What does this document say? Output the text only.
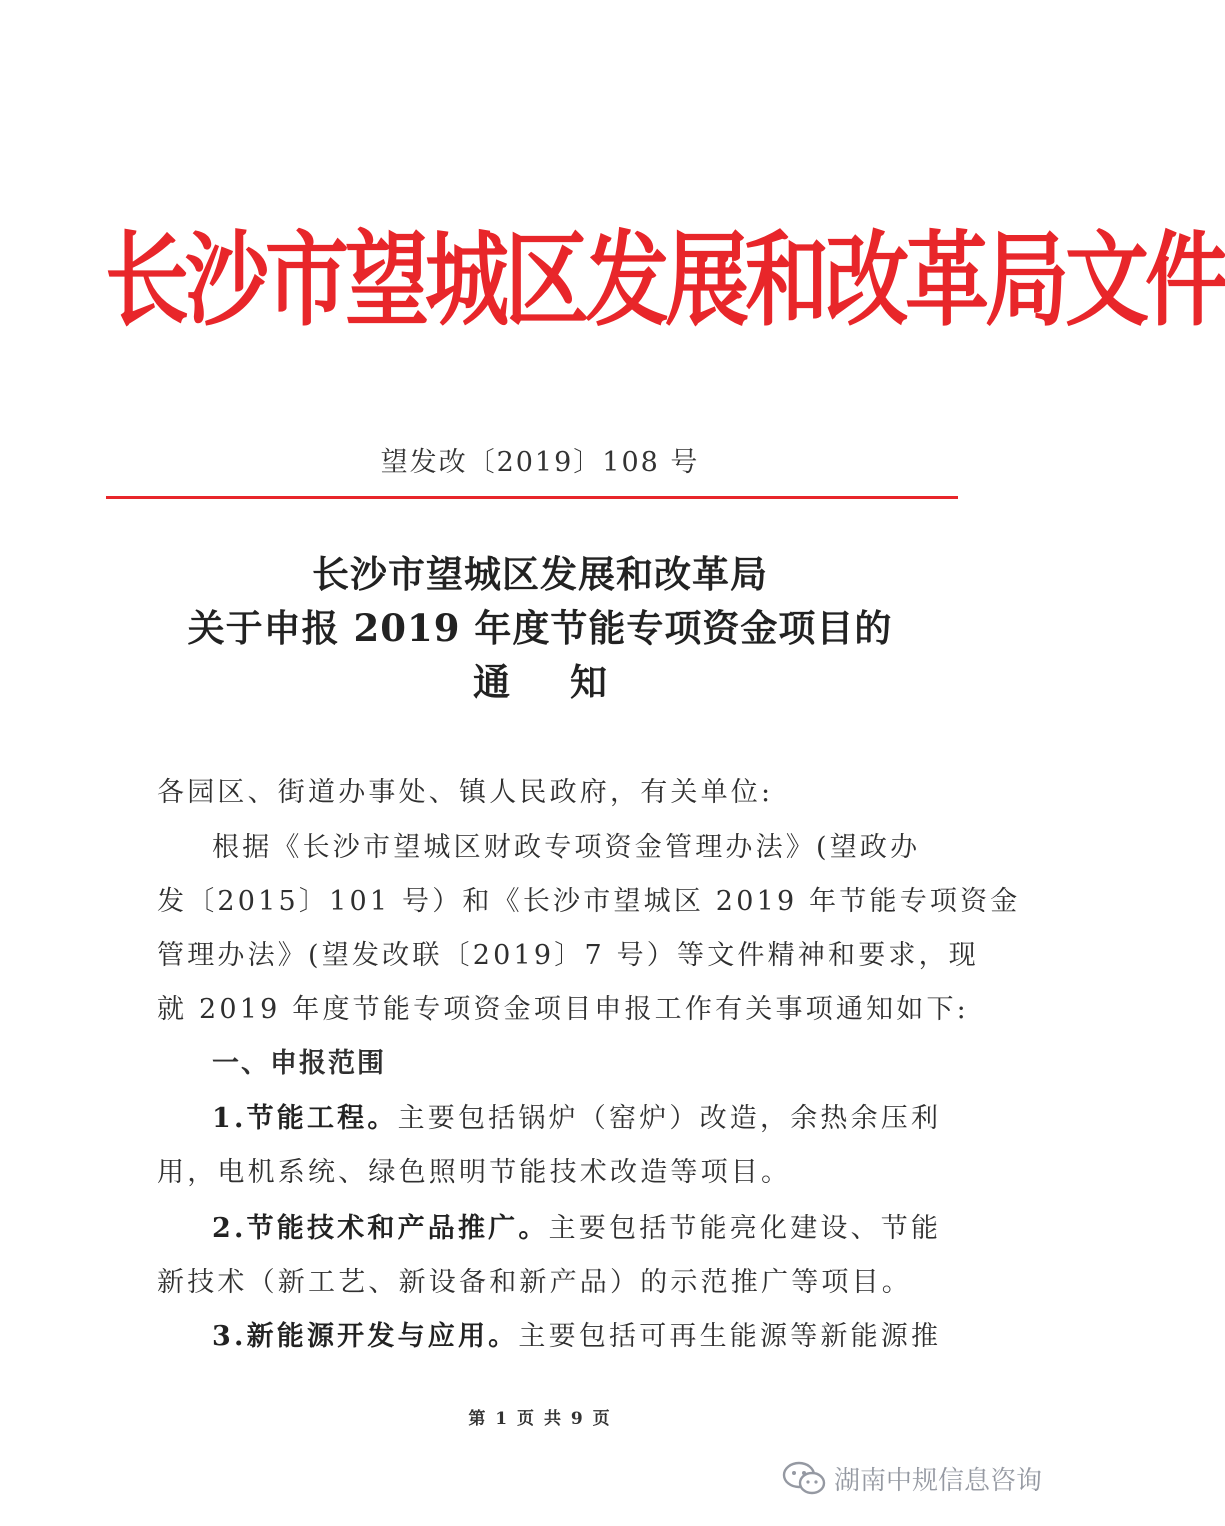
长沙市望城区发展和改革局文件
望发改〔2019〕108 号
长沙市望城区发展和改革局
关于申报 2019 年度节能专项资金项目的
通知
各园区、街道办事处、镇人民政府，有关单位:
根据《长沙市望城区财政专项资金管理办法》(望政办
发〔2015〕101 号）和《长沙市望城区 2019 年节能专项资金
管理办法》(望发改联〔2019〕7 号）等文件精神和要求，现
就 2019 年度节能专项资金项目申报工作有关事项通知如下:
一、申报范围
1.节能工程。主要包括锅炉（窑炉）改造，余热余压利
用，电机系统、绿色照明节能技术改造等项目。
2.节能技术和产品推广。主要包括节能亮化建设、节能
新技术（新工艺、新设备和新产品）的示范推广等项目。
3.新能源开发与应用。主要包括可再生能源等新能源推
第 1 页 共 9 页
湖南中规信息咨询
